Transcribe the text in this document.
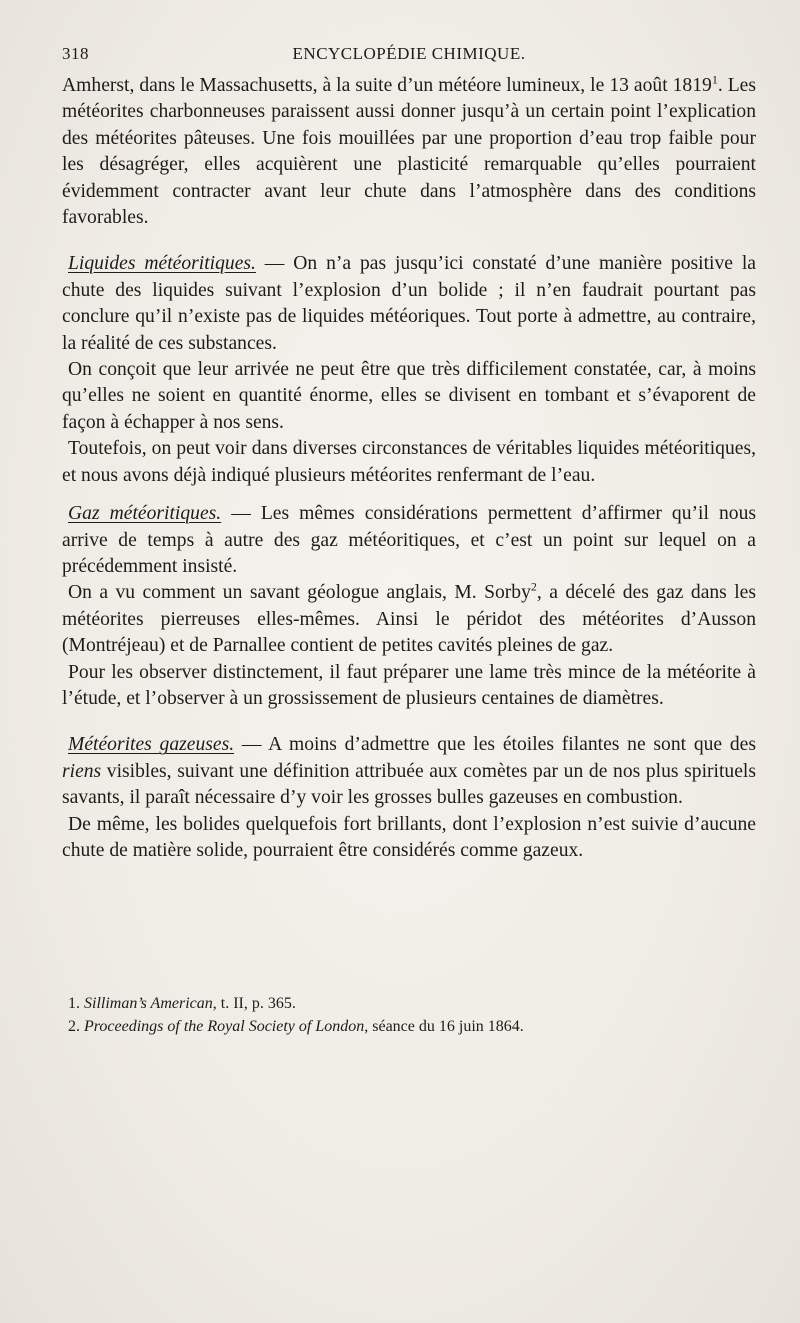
318	ENCYCLOPÉDIE CHIMIQUE.

Amherst, dans le Massachusetts, à la suite d’un météore lumineux, le 13 août 1819$^1$. Les météorites charbonneuses paraissent aussi donner jusqu’à un certain point l’explication des météorites pâteuses. Une fois mouillées par une proportion d’eau trop faible pour les désagréger, elles acquièrent une plasticité remarquable qu’elles pourraient évidemment contracter avant leur chute dans l’atmosphère dans des conditions favorables.

Liquides météoritiques. — On n’a pas jusqu’ici constaté d’une manière positive la chute des liquides suivant l’explosion d’un bolide ; il n’en faudrait pourtant pas conclure qu’il n’existe pas de liquides météoriques. Tout porte à admettre, au contraire, la réalité de ces substances.

On conçoit que leur arrivée ne peut être que très difficilement constatée, car, à moins qu’elles ne soient en quantité énorme, elles se divisent en tombant et s’évaporent de façon à échapper à nos sens.

Toutefois, on peut voir dans diverses circonstances de véritables liquides météoritiques, et nous avons déjà indiqué plusieurs météorites renfermant de l’eau.

Gaz météoritiques. — Les mêmes considérations permettent d’affirmer qu’il nous arrive de temps à autre des gaz météoritiques, et c’est un point sur lequel on a précédemment insisté.

On a vu comment un savant géologue anglais, M. Sorby$^2$, a décelé des gaz dans les météorites pierreuses elles-mêmes. Ainsi le péridot des météorites d’Ausson (Montréjeau) et de Parnallee contient de petites cavités pleines de gaz.

Pour les observer distinctement, il faut préparer une lame très mince de la météorite à l’étude, et l’observer à un grossissement de plusieurs centaines de diamètres.

Météorites gazeuses. — A moins d’admettre que les étoiles filantes ne sont que des riens visibles, suivant une définition attribuée aux comètes par un de nos plus spirituels savants, il paraît nécessaire d’y voir les grosses bulles gazeuses en combustion.

De même, les bolides quelquefois fort brillants, dont l’explosion n’est suivie d’aucune chute de matière solide, pourraient être considérés comme gazeux.

1. Silliman’s American, t. II, p. 365.

2. Proceedings of the Royal Society of London, séance du 16 juin 1864.
